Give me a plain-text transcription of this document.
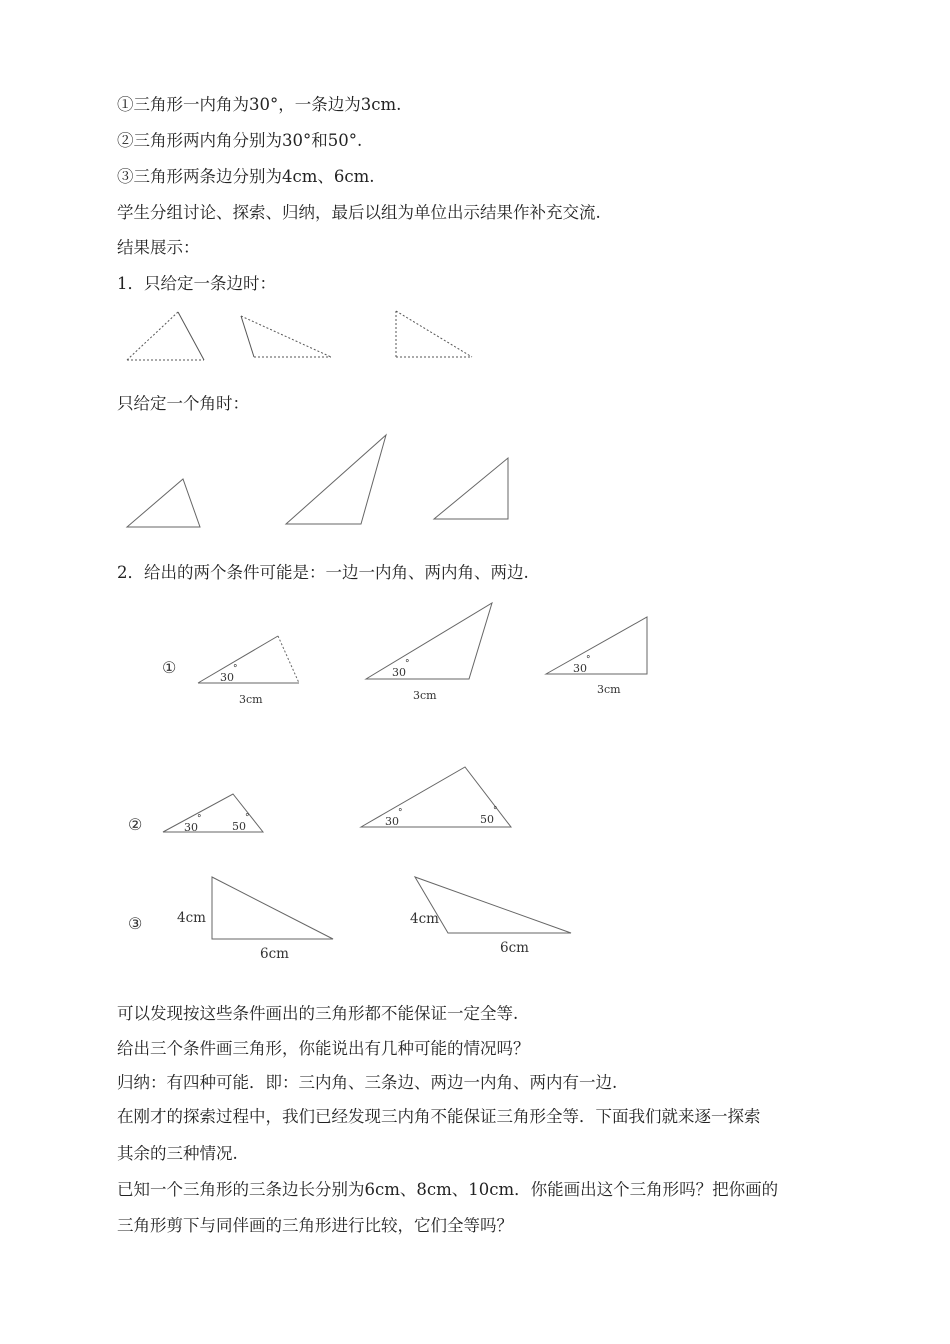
①三角形一内角为30°，一条边为3cm.
②三角形两内角分别为30°和50°.
③三角形两条边分别为4cm、6cm.
学生分组讨论、探索、归纳，最后以组为单位出示结果作补充交流.
结果展示：
1．只给定一条边时：
只给定一个角时：
2．给出的两个条件可能是：一边一内角、两内角、两边.
可以发现按这些条件画出的三角形都不能保证一定全等.
给出三个条件画三角形，你能说出有几种可能的情况吗？
归纳：有四种可能．即：三内角、三条边、两边一内角、两内有一边.
在刚才的探索过程中，我们已经发现三内角不能保证三角形全等．下面我们就来逐一探索
其余的三种情况.
已知一个三角形的三条边长分别为6cm、8cm、10cm．你能画出这个三角形吗？把你画的
三角形剪下与同伴画的三角形进行比较，它们全等吗？
①
30
°
3cm
30
°
3cm
30
°
3cm
②	30
°
50
°	30
°	50
°
③	4cm
6cm
4cm
6cm
